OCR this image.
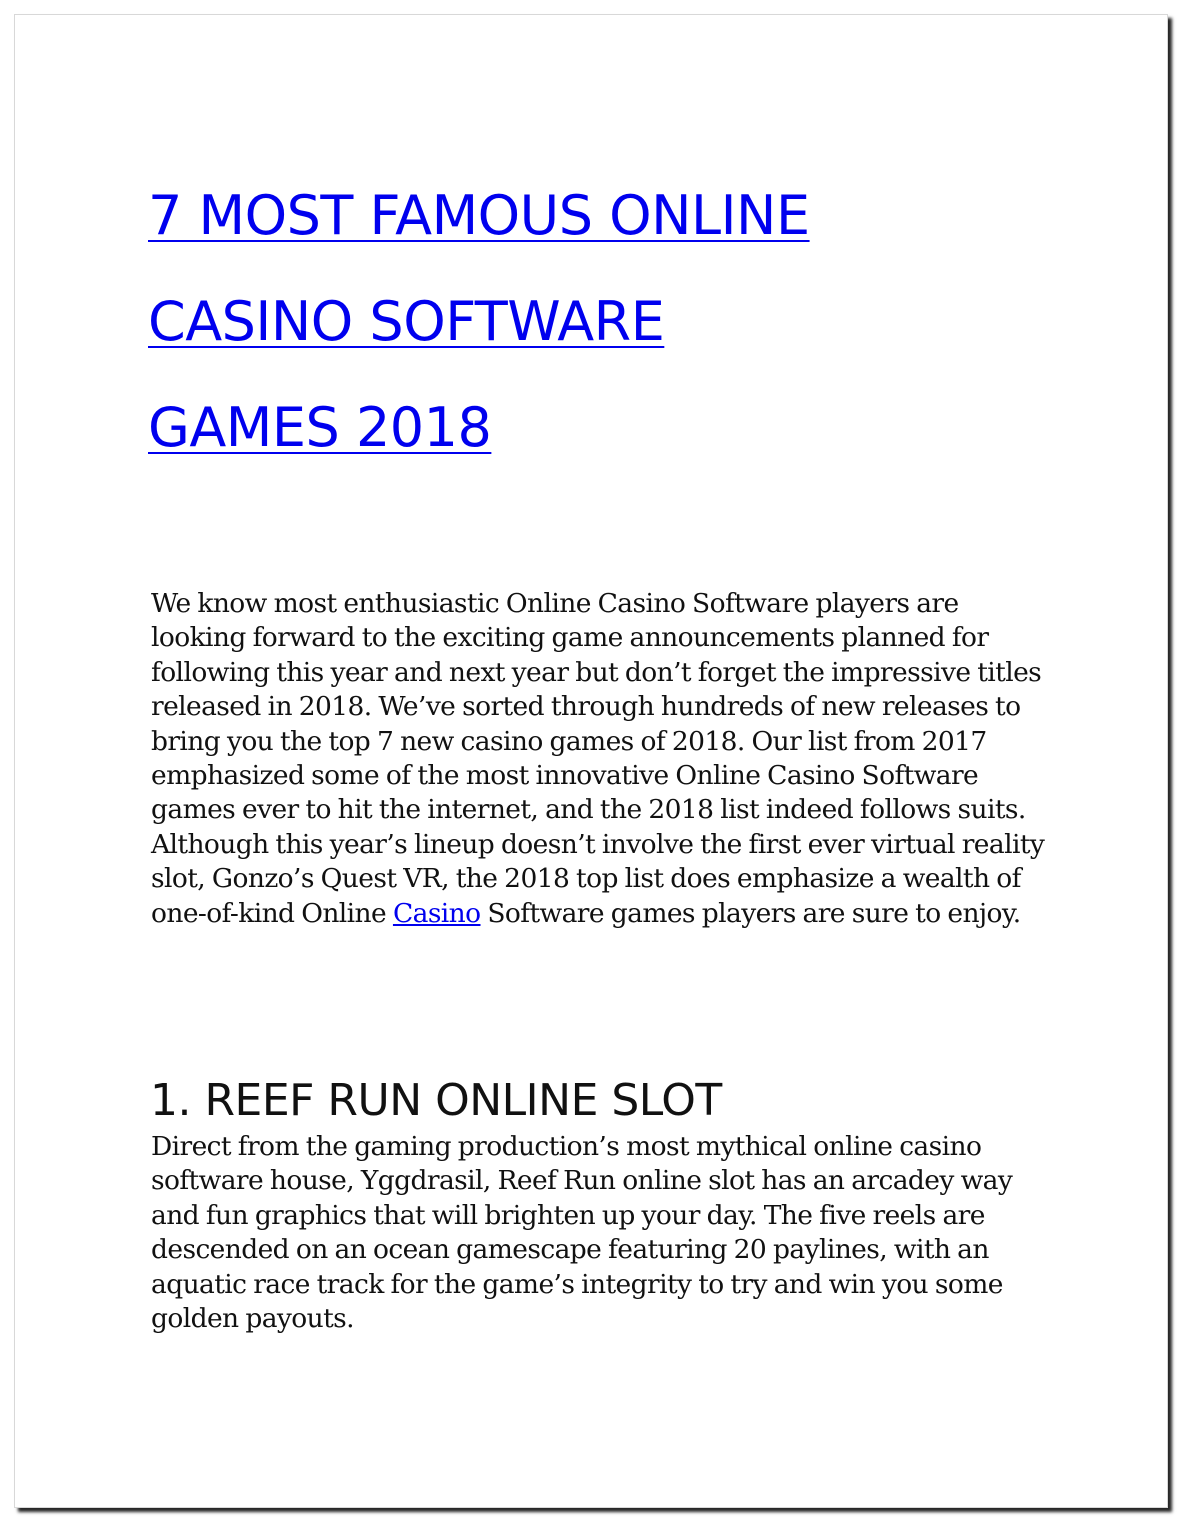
7 MOST FAMOUS ONLINE
CASINO SOFTWARE
GAMES 2018

We know most enthusiastic Online Casino Software players are looking forward to the exciting game announcements planned for following this year and next year but don’t forget the impressive titles released in 2018. We’ve sorted through hundreds of new releases to bring you the top 7 new casino games of 2018. Our list from 2017 emphasized some of the most innovative Online Casino Software games ever to hit the internet, and the 2018 list indeed follows suits. Although this year’s lineup doesn’t involve the first ever virtual reality slot, Gonzo’s Quest VR, the 2018 top list does emphasize a wealth of one-of-kind Online Casino Software games players are sure to enjoy.

1. REEF RUN ONLINE SLOT

Direct from the gaming production’s most mythical online casino software house, Yggdrasil, Reef Run online slot has an arcadey way and fun graphics that will brighten up your day. The five reels are descended on an ocean gamescape featuring 20 paylines, with an aquatic race track for the game’s integrity to try and win you some golden payouts.
